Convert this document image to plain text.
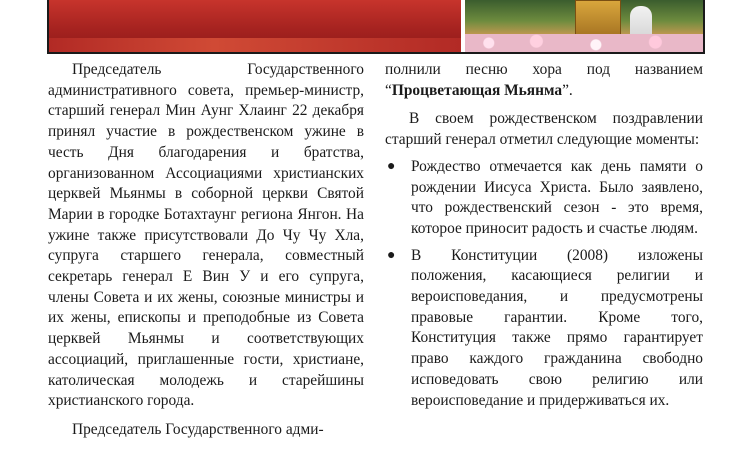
Председатель Государственного административного совета, премьер-министр, старший генерал Мин Аунг Хлаинг 22 декабря принял участие в рождественском ужине в честь Дня благодарения и братства, организованном Ассоциациями христианских церквей Мьянмы в соборной церкви Святой Марии в городке Ботахтаунг региона Янгон. На ужине также присутствовали До Чу Чу Хла, супруга старшего генерала, совместный секретарь генерал Е Вин У и его супруга, члены Совета и их жены, союзные министры и их жены, епископы и преподобные из Совета церквей Мьянмы и соответствующих ассоциаций, приглашенные гости, христиане, католическая молодежь и старейшины христианского города.

Председатель Государственного адми-

полнили песню хора под названием “Процветающая Мьянма”.

В своем рождественском поздравлении старший генерал отметил следующие моменты:

● Рождество отмечается как день памяти о рождении Иисуса Христа. Было заявлено, что рождественский сезон - это время, которое приносит радость и счастье людям.
● В Конституции (2008) изложены положения, касающиеся религии и вероисповедания, и предусмотрены правовые гарантии. Кроме того, Конституция также прямо гарантирует право каждого гражданина свободно исповедовать свою религию или вероисповедание и придерживаться их.
